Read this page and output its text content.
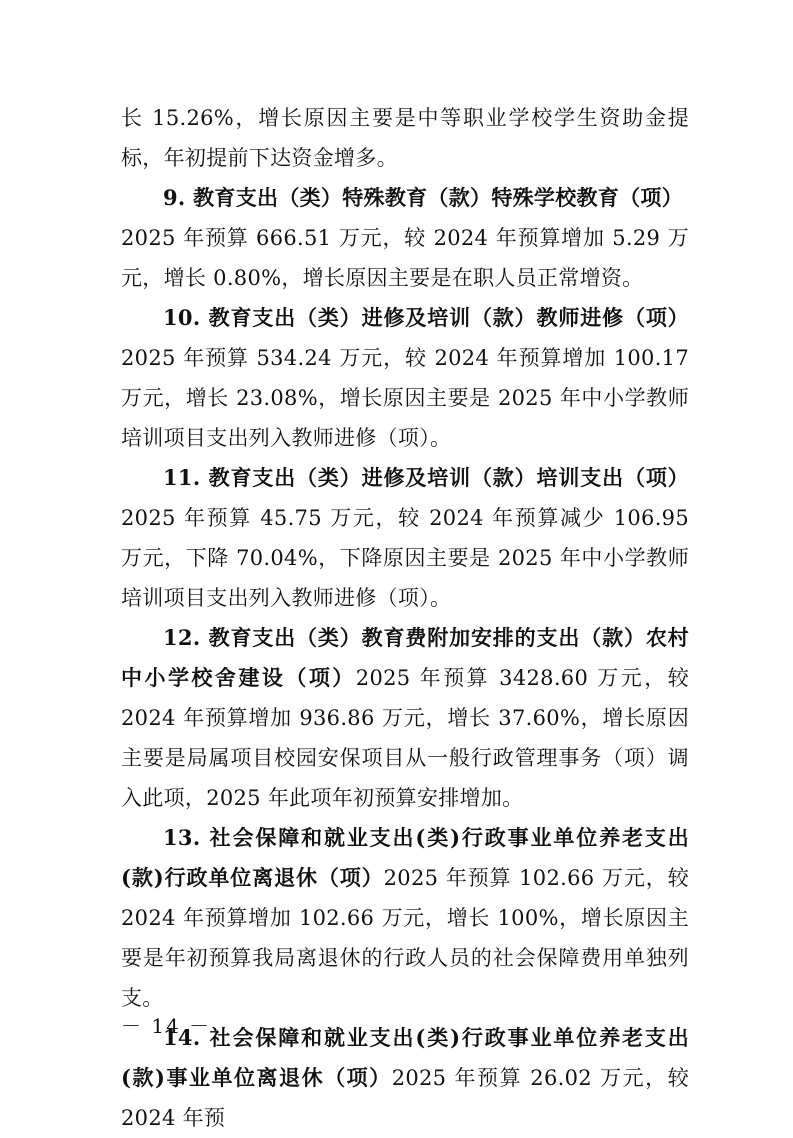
长 15.26%，增长原因主要是中等职业学校学生资助金提标，年初提前下达资金增多。

9. 教育支出（类）特殊教育（款）特殊学校教育（项）
2025 年预算 666.51 万元，较 2024 年预算增加 5.29 万元，增长 0.80%，增长原因主要是在职人员正常增资。

10. 教育支出（类）进修及培训（款）教师进修（项）2025 年预算 534.24 万元，较 2024 年预算增加 100.17 万元，增长 23.08%，增长原因主要是 2025 年中小学教师培训项目支出列入教师进修（项）。

11. 教育支出（类）进修及培训（款）培训支出（项）2025 年预算 45.75 万元，较 2024 年预算减少 106.95 万元，下降 70.04%，下降原因主要是 2025 年中小学教师培训项目支出列入教师进修（项）。

12. 教育支出（类）教育费附加安排的支出（款）农村中小学校舍建设（项）2025 年预算 3428.60 万元，较 2024 年预算增加 936.86 万元，增长 37.60%，增长原因主要是局属项目校园安保项目从一般行政管理事务（项）调入此项，2025 年此项年初预算安排增加。

13. 社会保障和就业支出(类)行政事业单位养老支出(款)行政单位离退休（项）2025 年预算 102.66 万元，较 2024 年预算增加 102.66 万元，增长 100%，增长原因主要是年初预算我局离退休的行政人员的社会保障费用单独列支。

14. 社会保障和就业支出(类)行政事业单位养老支出(款)事业单位离退休（项）2025 年预算 26.02 万元，较 2024 年预

－ 14 －
